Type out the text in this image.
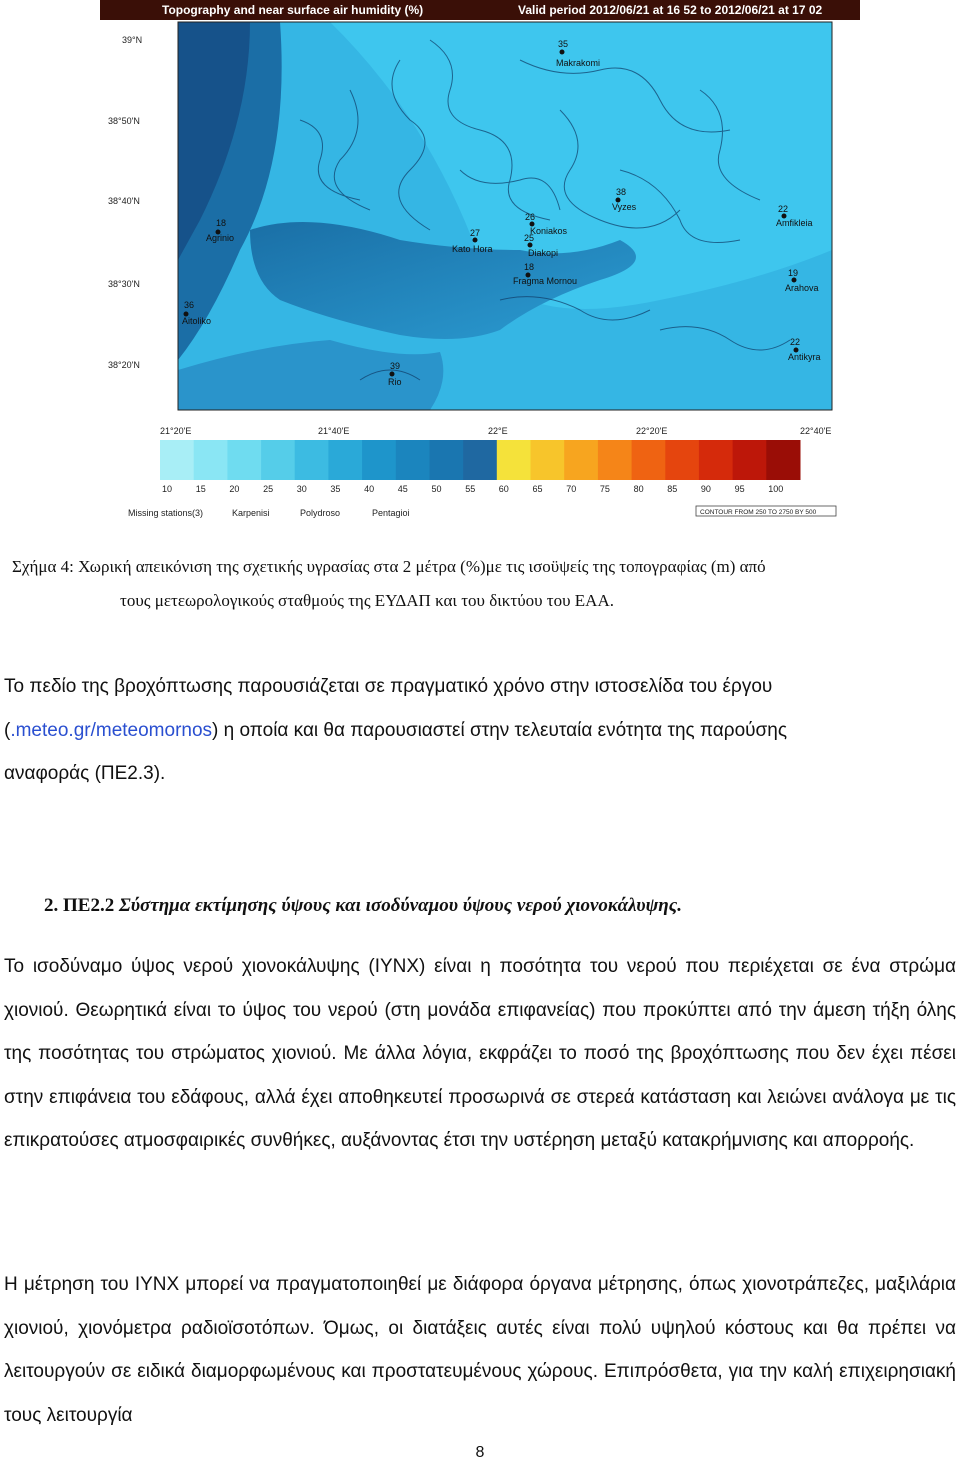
35
Makrakomi
18
Agrinio	27
Kato Hora
26
Koniakos
25
Diakopi
38
Vyzes
18
Fragma Mornou
22
Amfikleia
19
Arahova
36
Aitoliko
39
Rio
22
Antikyra
39°N
38°50'N
38°40'N
38°30'N
38°20'N
21°20'E	21°40'E	22°E	22°20'E	22°40'E
10	15	20	25	30	35	40	45	50	55	60	65	70	75	80	85	90	95	100
Missing stations(3)	Karpenisi	Polydroso	Pentagioi	CONTOUR FROM 250 TO 2750 BY 500
Topography and near surface air humidity (%)	Valid period 2012/06/21 at 16 52 to 2012/06/21 at 17 02
Σχήμα 4: Χωρική απεικόνιση της σχετικής υγρασίας στα 2 μέτρα (%)με τις ισοϋψείς της τοπογραφίας (m) από
τους μετεωρολογικούς σταθμούς της ΕΥΔΑΠ και του δικτύου του ΕΑΑ.
Το πεδίο της βροχόπτωσης παρουσιάζεται σε πραγματικό χρόνο στην ιστοσελίδα του έργου
(.meteo.gr/meteomornos) η οποία και θα παρουσιαστεί στην τελευταία ενότητα της παρούσης
αναφοράς (ΠΕ2.3).
2. ΠΕ2.2 Σύστημα εκτίμησης ύψους και ισοδύναμου ύψους νερού χιονοκάλυψης.
Το ισοδύναμο ύψος νερού χιονοκάλυψης (ΙΥΝΧ) είναι η ποσότητα του νερού που περιέχεται σε ένα στρώμα χιονιού. Θεωρητικά είναι το ύψος του νερού (στη μονάδα επιφανείας) που προκύπτει από την άμεση τήξη όλης της ποσότητας του στρώματος χιονιού. Με άλλα λόγια, εκφράζει το ποσό της βροχόπτωσης που δεν έχει πέσει στην επιφάνεια του εδάφους, αλλά έχει αποθηκευτεί προσωρινά σε στερεά κατάσταση και λειώνει ανάλογα με τις επικρατούσες ατμοσφαιρικές συνθήκες, αυξάνοντας έτσι την υστέρηση μεταξύ κατακρήμνισης και απορροής.
Η μέτρηση του ΙΥΝΧ μπορεί να πραγματοποιηθεί με διάφορα όργανα μέτρησης, όπως χιονοτράπεζες, μαξιλάρια χιονιού, χιονόμετρα ραδιοϊσοτόπων. Όμως, οι διατάξεις αυτές είναι πολύ υψηλού κόστους και θα πρέπει να λειτουργούν σε ειδικά διαμορφωμένους και προστατευμένους χώρους. Επιπρόσθετα, για την καλή επιχειρησιακή τους λειτουργία
8
